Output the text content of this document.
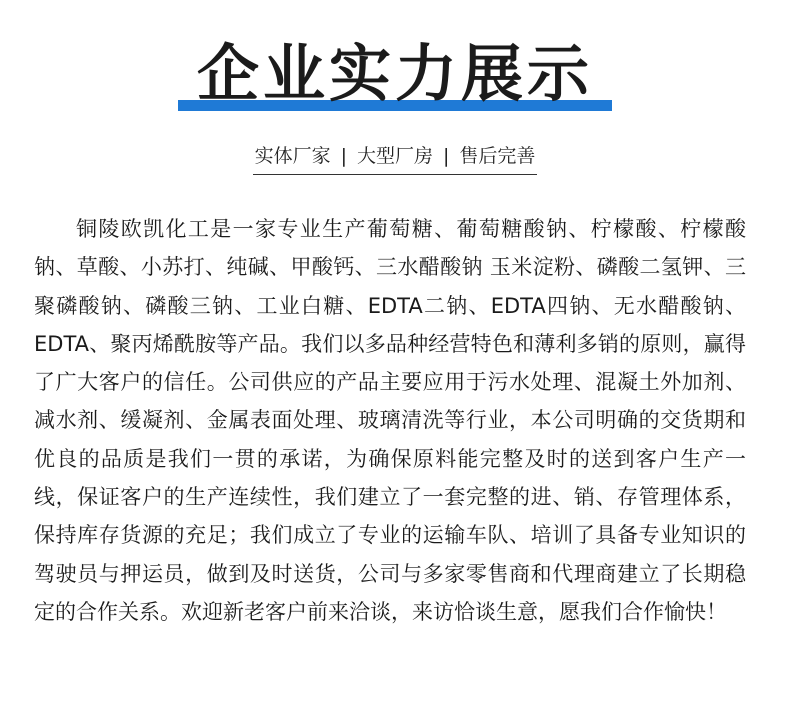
企业实力展示
实体厂家 | 大型厂房 | 售后完善

铜陵欧凯化工是一家专业生产葡萄糖、葡萄糖酸钠、柠檬酸、柠檬酸钠、草酸、小苏打、纯碱、甲酸钙、三水醋酸钠 玉米淀粉、磷酸二氢钾、三聚磷酸钠、磷酸三钠、工业白糖、EDTA二钠、EDTA四钠、无水醋酸钠、EDTA、聚丙烯酰胺等产品。我们以多品种经营特色和薄利多销的原则，赢得了广大客户的信任。公司供应的产品主要应用于污水处理、混凝土外加剂、减水剂、缓凝剂、金属表面处理、玻璃清洗等行业，本公司明确的交货期和优良的品质是我们一贯的承诺，为确保原料能完整及时的送到客户生产一线，保证客户的生产连续性，我们建立了一套完整的进、销、存管理体系，保持库存货源的充足；我们成立了专业的运输车队、培训了具备专业知识的驾驶员与押运员，做到及时送货，公司与多家零售商和代理商建立了长期稳定的合作关系。欢迎新老客户前来洽谈，来访恰谈生意，愿我们合作愉快！
